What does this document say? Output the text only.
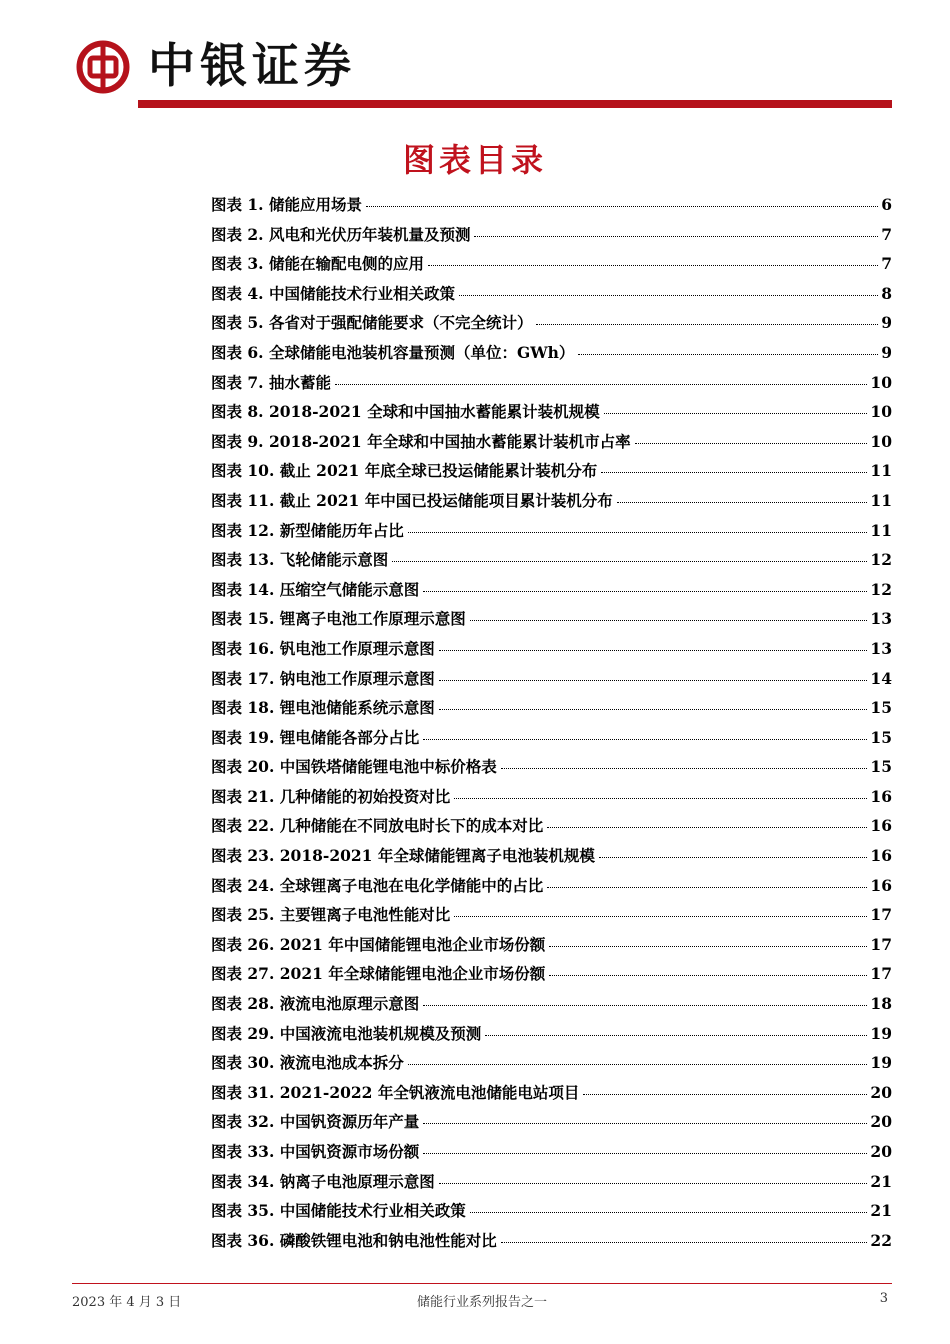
中银证券
图表目录
图表 1. 储能应用场景	6
图表 2. 风电和光伏历年装机量及预测	7
图表 3. 储能在输配电侧的应用	7
图表 4. 中国储能技术行业相关政策	8
图表 5. 各省对于强配储能要求（不完全统计）	9
图表 6. 全球储能电池装机容量预测（单位：GWh）	9
图表 7. 抽水蓄能	10
图表 8. 2018-2021 全球和中国抽水蓄能累计装机规模	10
图表 9. 2018-2021 年全球和中国抽水蓄能累计装机市占率	10
图表 10. 截止 2021 年底全球已投运储能累计装机分布	11
图表 11. 截止 2021 年中国已投运储能项目累计装机分布	11
图表 12. 新型储能历年占比	11
图表 13. 飞轮储能示意图	12
图表 14. 压缩空气储能示意图	12
图表 15. 锂离子电池工作原理示意图	13
图表 16. 钒电池工作原理示意图	13
图表 17. 钠电池工作原理示意图	14
图表 18. 锂电池储能系统示意图	15
图表 19. 锂电储能各部分占比	15
图表 20. 中国铁塔储能锂电池中标价格表	15
图表 21. 几种储能的初始投资对比	16
图表 22. 几种储能在不同放电时长下的成本对比	16
图表 23. 2018-2021 年全球储能锂离子电池装机规模	16
图表 24. 全球锂离子电池在电化学储能中的占比	16
图表 25. 主要锂离子电池性能对比	17
图表 26. 2021 年中国储能锂电池企业市场份额	17
图表 27. 2021 年全球储能锂电池企业市场份额	17
图表 28. 液流电池原理示意图	18
图表 29. 中国液流电池装机规模及预测	19
图表 30. 液流电池成本拆分	19
图表 31. 2021-2022 年全钒液流电池储能电站项目	20
图表 32. 中国钒资源历年产量	20
图表 33. 中国钒资源市场份额	20
图表 34. 钠离子电池原理示意图	21
图表 35. 中国储能技术行业相关政策	21
图表 36. 磷酸铁锂电池和钠电池性能对比	22
2023 年 4 月 3 日	储能行业系列报告之一	3
